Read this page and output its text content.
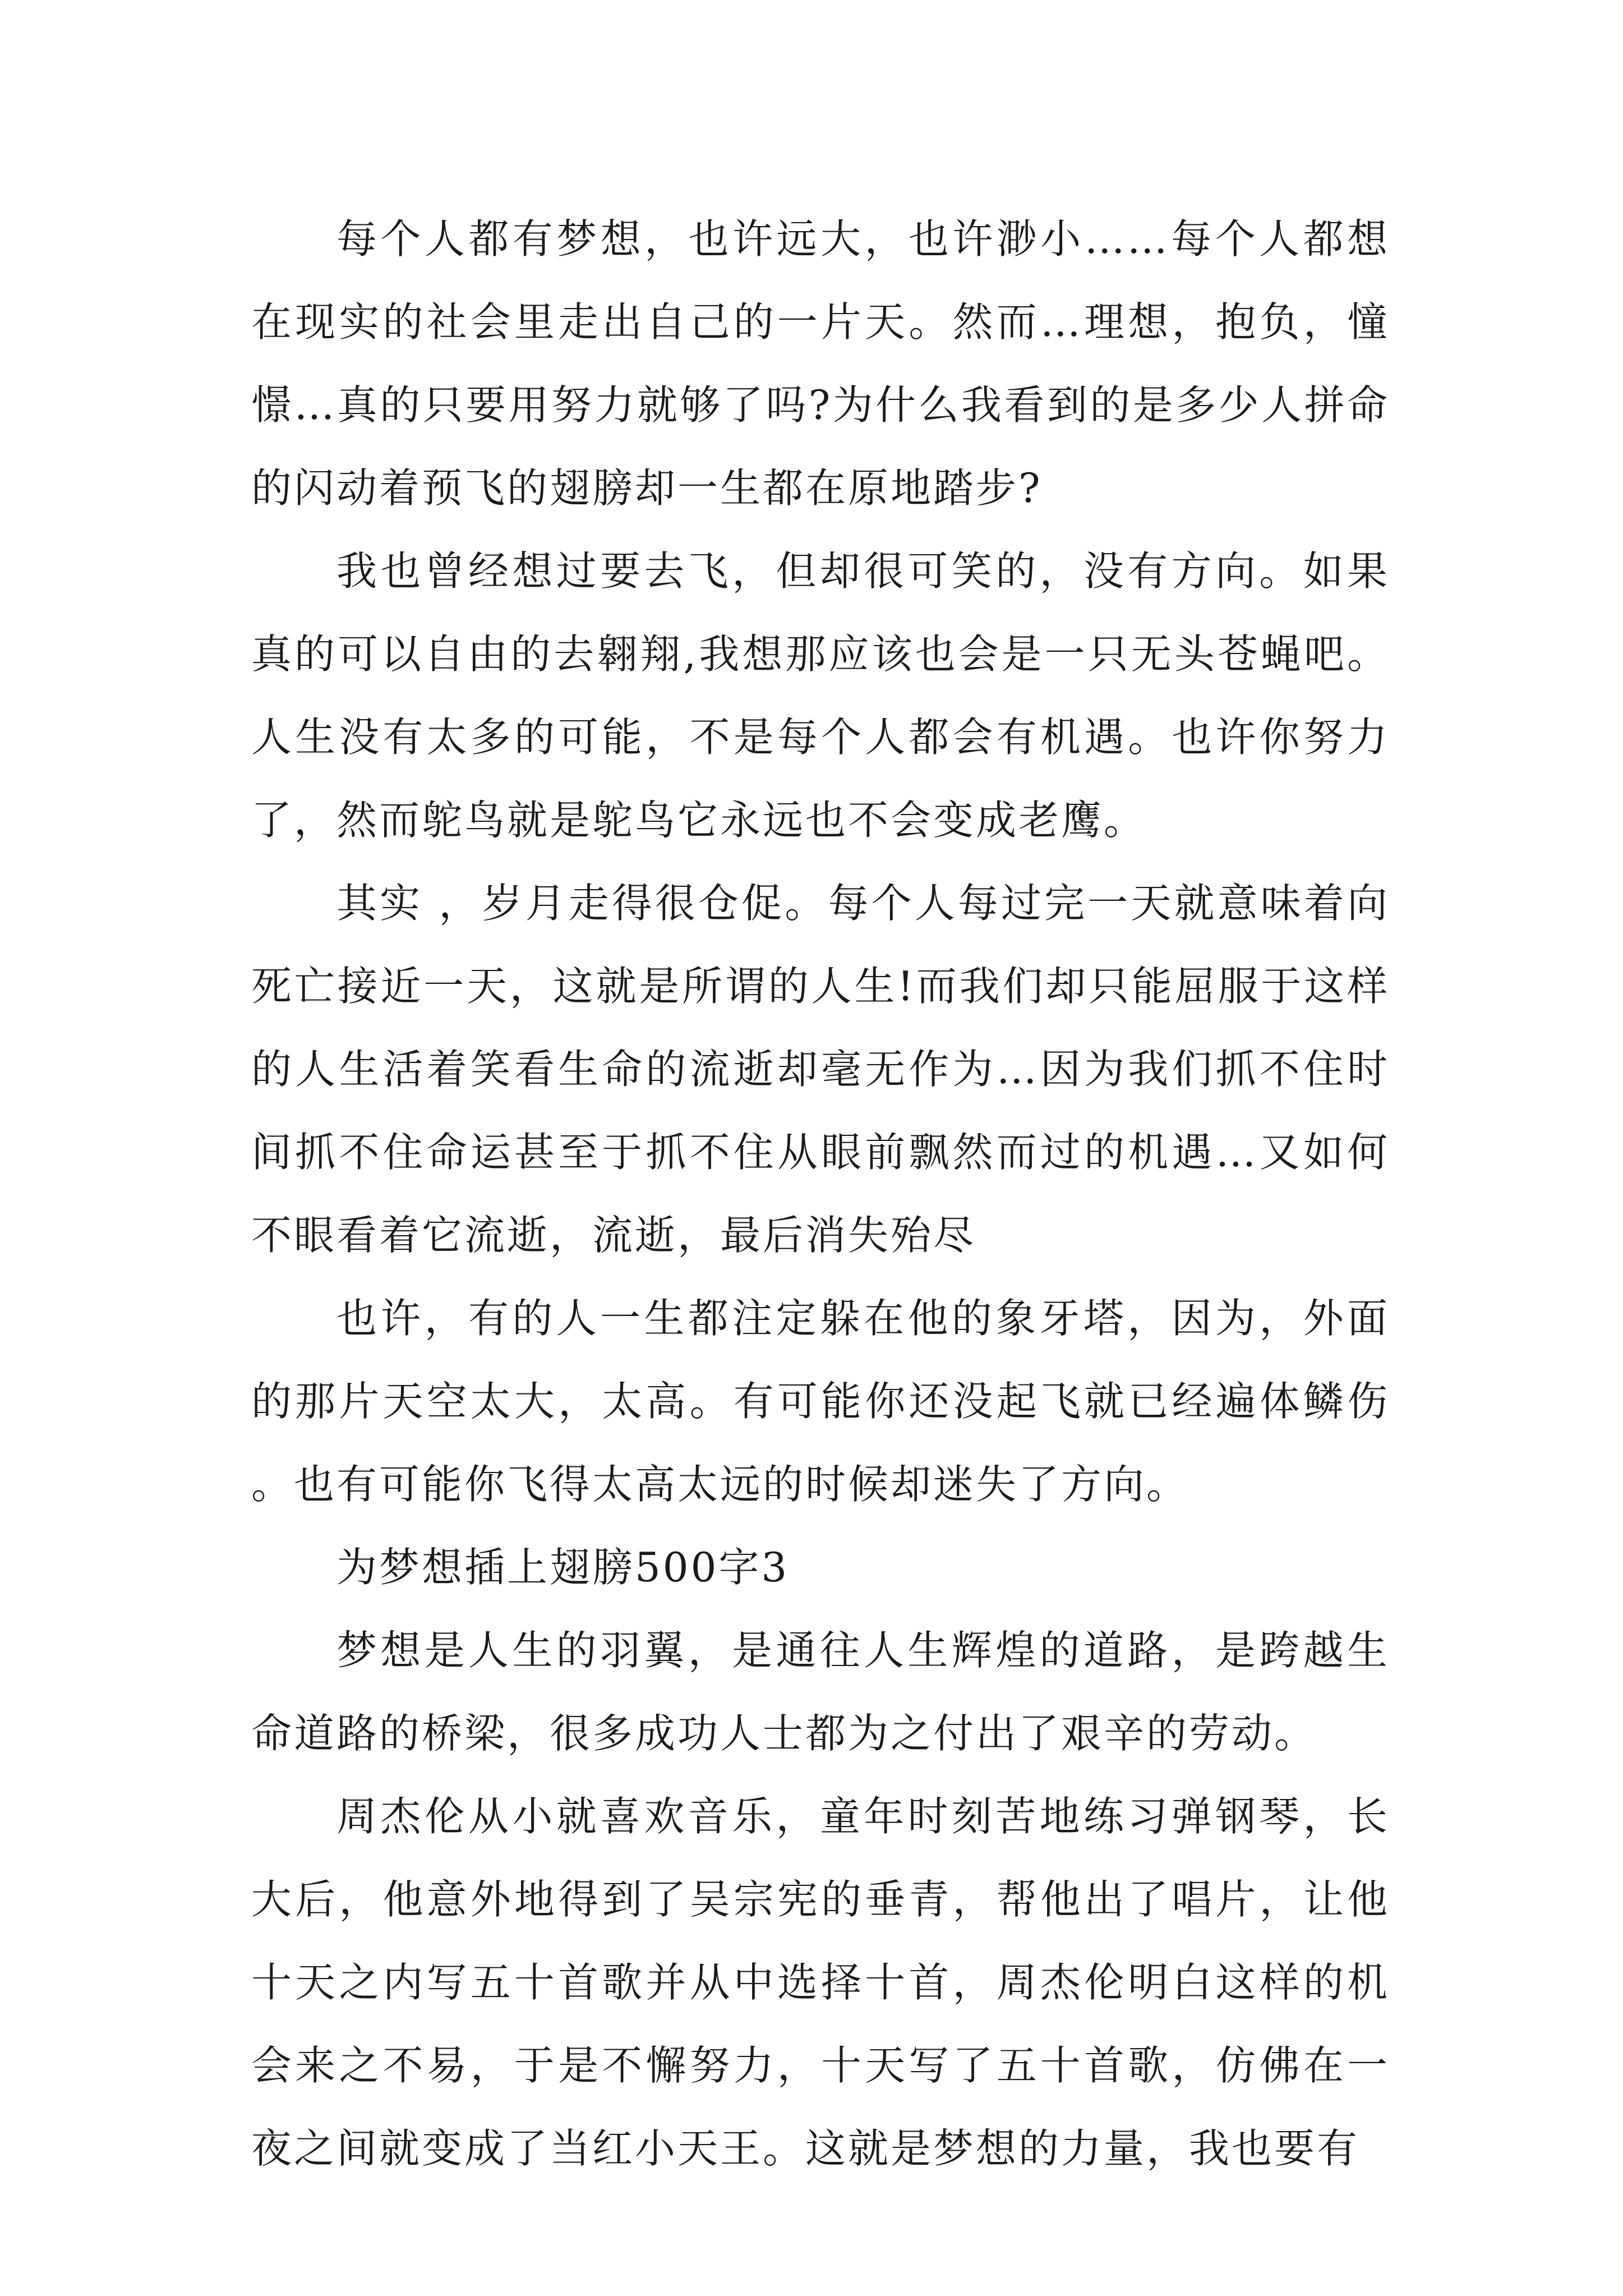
每个人都有梦想，也许远大，也许渺小……每个人都想在现实的社会里走出自己的一片天。然而…理想，抱负，憧憬…真的只要用努力就够了吗?为什么我看到的是多少人拼命的闪动着预飞的翅膀却一生都在原地踏步?

我也曾经想过要去飞，但却很可笑的，没有方向。如果真的可以自由的去翱翔,我想那应该也会是一只无头苍蝇吧。人生没有太多的可能，不是每个人都会有机遇。也许你努力了，然而鸵鸟就是鸵鸟它永远也不会变成老鹰。

其实 ，岁月走得很仓促。每个人每过完一天就意味着向死亡接近一天，这就是所谓的人生!而我们却只能屈服于这样的人生活着笑看生命的流逝却毫无作为…因为我们抓不住时间抓不住命运甚至于抓不住从眼前飘然而过的机遇…又如何不眼看着它流逝，流逝，最后消失殆尽

也许，有的人一生都注定躲在他的象牙塔，因为，外面的那片天空太大，太高。有可能你还没起飞就已经遍体鳞伤。也有可能你飞得太高太远的时候却迷失了方向。

为梦想插上翅膀500字3

梦想是人生的羽翼，是通往人生辉煌的道路，是跨越生命道路的桥梁，很多成功人士都为之付出了艰辛的劳动。

周杰伦从小就喜欢音乐，童年时刻苦地练习弹钢琴，长大后，他意外地得到了吴宗宪的垂青，帮他出了唱片，让他十天之内写五十首歌并从中选择十首，周杰伦明白这样的机会来之不易，于是不懈努力，十天写了五十首歌，仿佛在一夜之间就变成了当红小天王。这就是梦想的力量，我也要有
